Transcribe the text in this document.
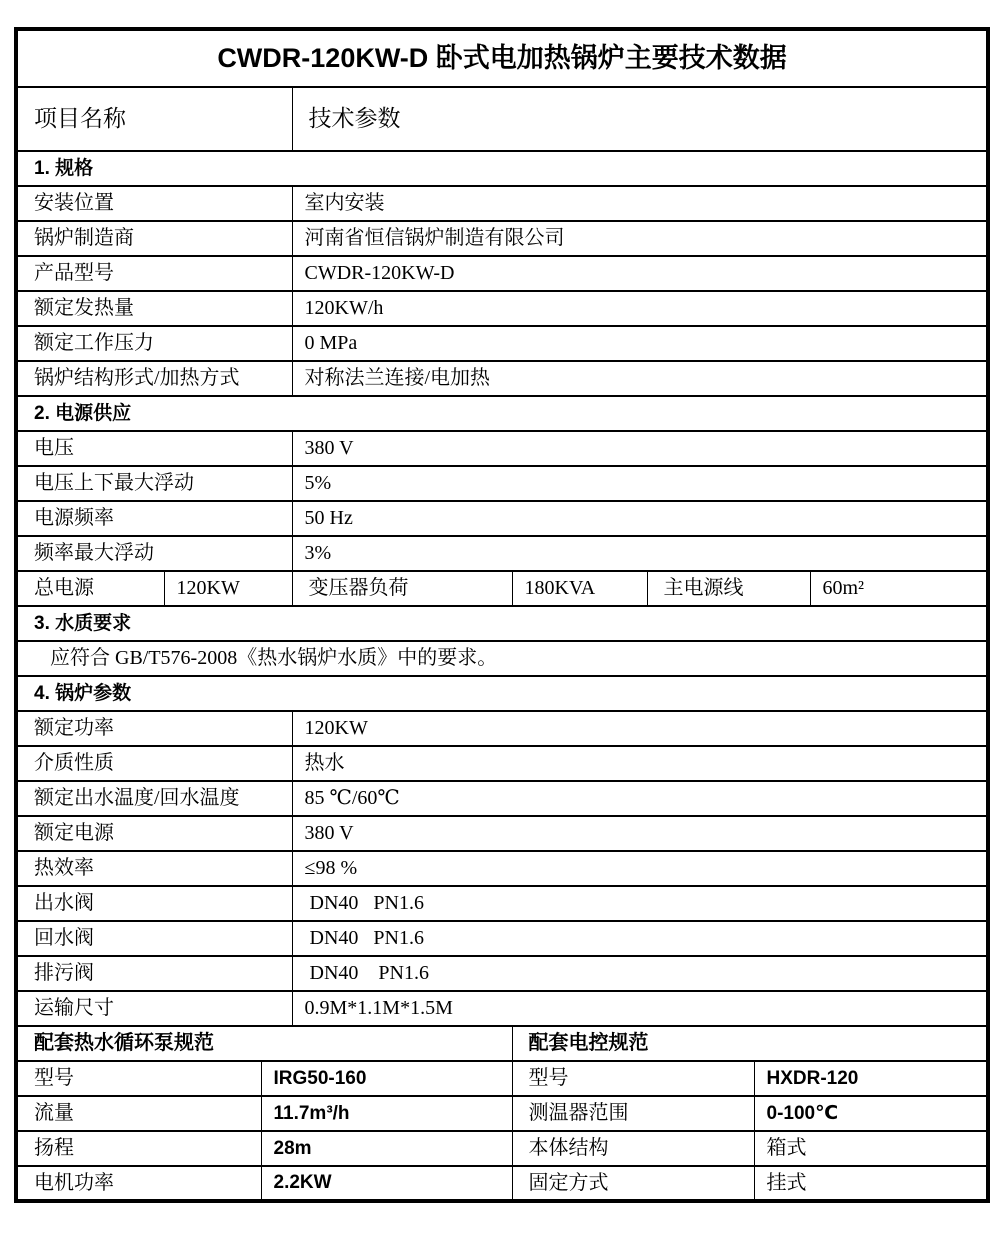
CWDR-120KW-D 卧式电加热锅炉主要技术数据							
项目名称			技术参数				
1. 规格							
安装位置			室内安装				
锅炉制造商			河南省恒信锅炉制造有限公司				
产品型号			CWDR-120KW-D				
额定发热量			120KW/h				
额定工作压力			0 MPa				
锅炉结构形式/加热方式			对称法兰连接/电加热				
2. 电源供应							
电压			380 V				
电压上下最大浮动			5%				
电源频率			50 Hz				
频率最大浮动			3%				
总电源	120KW		变压器负荷	180KVA	主电源线		60m²
3. 水质要求							
应符合 GB/T576-2008《热水锅炉水质》中的要求。							
4. 锅炉参数							
额定功率			120KW				
介质性质			热水				
额定出水温度/回水温度			85 ℃/60℃				
额定电源			380 V				
热效率			≤98 %				
出水阀			DN40   PN1.6				
回水阀			DN40   PN1.6				
排污阀			DN40    PN1.6				
运输尺寸			0.9M*1.1M*1.5M				
配套热水循环泵规范				配套电控规范			
型号		IRG50-160		型号		HXDR-120	
流量		11.7m³/h		测温器范围		0-100℃	
扬程		28m		本体结构		箱式	
电机功率		2.2KW		固定方式		挂式	
